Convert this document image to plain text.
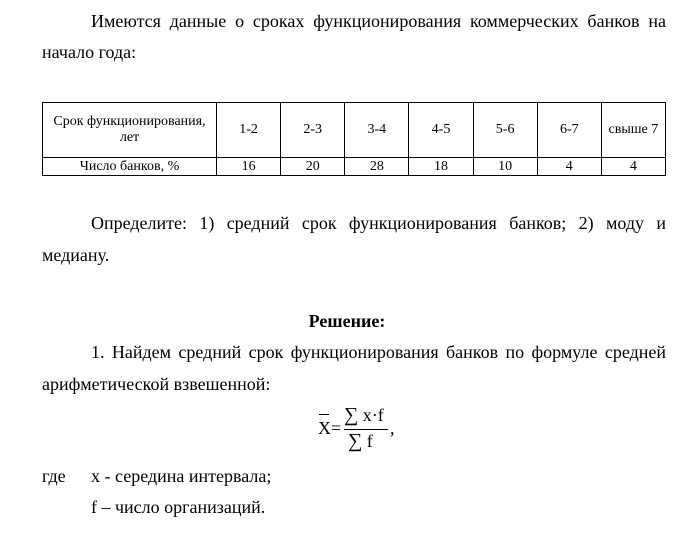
Имеются данные о сроках функционирования коммерческих банков на
начало года:
Срок функционирования, лет	1-2	2-3	3-4	4-5	5-6	6-7	свыше 7
Число банков, %	16	20	28	18	10	4	4
Определите: 1) средний срок функционирования банков; 2) моду и
медиану.
Решение:
1. Найдем средний срок функционирования банков по формуле средней
арифметической взвешенной:
X =
∑ x·f
∑ f
,
где x - середина интервала;
f – число организаций.
